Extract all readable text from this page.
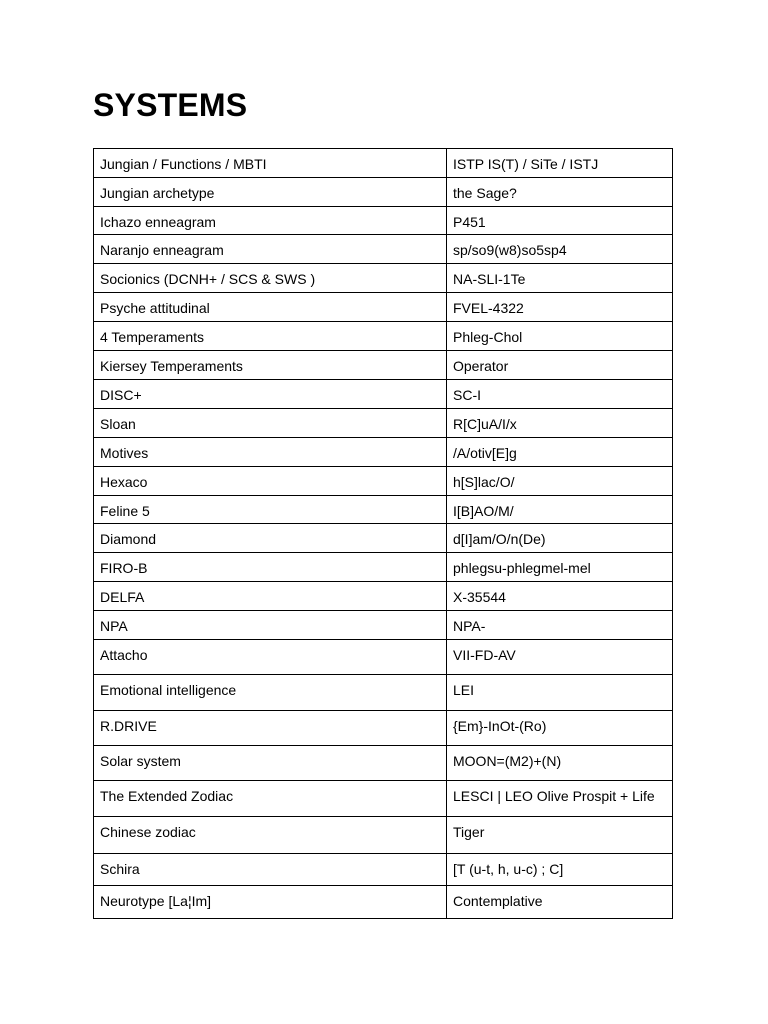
SYSTEMS
Jungian / Functions / MBTI	ISTP IS(T) / SiTe / ISTJ

Jungian archetype	the Sage?

Ichazo enneagram	P451

Naranjo enneagram	sp/so9(w8)so5sp4

Socionics (DCNH+ / SCS & SWS )	NA-SLI-1Te

Psyche attitudinal	FVEL-4322

4 Temperaments	Phleg-Chol

Kiersey Temperaments	Operator

DISC+	SC-I

Sloan	R[C]uA/I/x

Motives	/A/otiv[E]g

Hexaco	h[S]lac/O/

Feline 5	I[B]AO/M/

Diamond	d[I]am/O/n(De)

FIRO-B	phlegsu-phlegmel-mel

DELFA	X-35544

NPA	NPA-

Attacho	VII-FD-AV

Emotional intelligence	LEI

R.DRIVE	{Em}-InOt-(Ro)

Solar system	MOON=(M2)+(N)

The Extended Zodiac	LESCI | LEO Olive Prospit + Life

Chinese zodiac	Tiger

Schira	[T (u-t, h, u-c) ; C]

Neurotype [La¦Im]	Contemplative
